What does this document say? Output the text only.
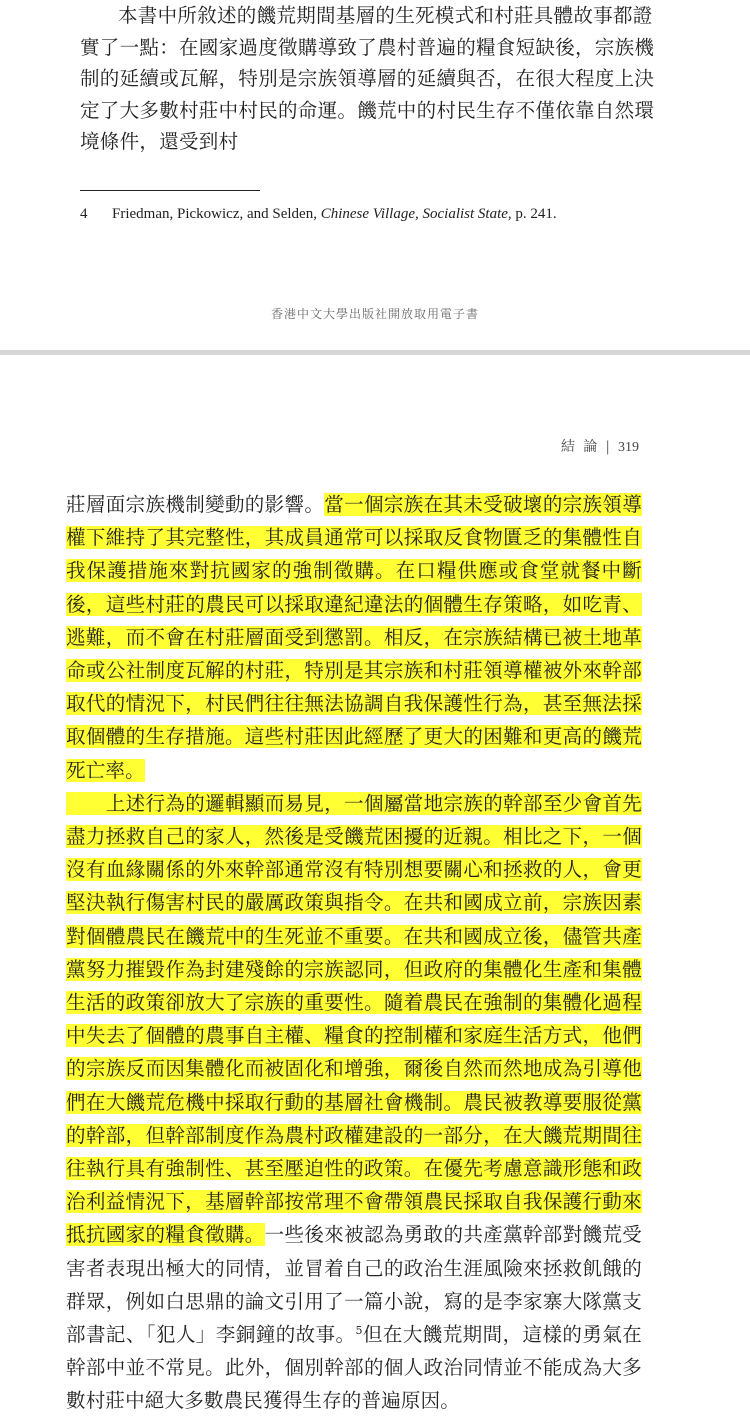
本書中所敘述的饑荒期間基層的生死模式和村莊具體故事都證實了一點：在國家過度徵購導致了農村普遍的糧食短缺後，宗族機制的延續或瓦解，特別是宗族領導層的延續與否，在很大程度上決定了大多數村莊中村民的命運。饑荒中的村民生存不僅依靠自然環境條件，還受到村
4 Friedman, Pickowicz, and Selden, Chinese Village, Socialist State, p. 241.
香港中文大學出版社開放取用電子書
結 論 | 319

莊層面宗族機制變動的影響。當一個宗族在其未受破壞的宗族領導權下維持了其完整性，其成員通常可以採取反食物匱乏的集體性自我保護措施來對抗國家的強制徵購。在口糧供應或食堂就餐中斷後，這些村莊的農民可以採取違紀違法的個體生存策略，如吃青、逃難，而不會在村莊層面受到懲罰。相反，在宗族結構已被土地革命或公社制度瓦解的村莊，特別是其宗族和村莊領導權被外來幹部取代的情況下，村民們往往無法協調自我保護性行為，甚至無法採取個體的生存措施。這些村莊因此經歷了更大的困難和更高的饑荒死亡率。

　　上述行為的邏輯顯而易見，一個屬當地宗族的幹部至少會首先盡力拯救自己的家人，然後是受饑荒困擾的近親。相比之下，一個沒有血緣關係的外來幹部通常沒有特別想要關心和拯救的人，會更堅決執行傷害村民的嚴厲政策與指令。在共和國成立前，宗族因素對個體農民在饑荒中的生死並不重要。在共和國成立後，儘管共產黨努力摧毀作為封建殘餘的宗族認同，但政府的集體化生產和集體生活的政策卻放大了宗族的重要性。隨着農民在強制的集體化過程中失去了個體的農事自主權、糧食的控制權和家庭生活方式，他們的宗族反而因集體化而被固化和增強，爾後自然而然地成為引導他們在大饑荒危機中採取行動的基層社會機制。農民被教導要服從黨的幹部，但幹部制度作為農村政權建設的一部分，在大饑荒期間往往執行具有強制性、甚至壓迫性的政策。在優先考慮意識形態和政治利益情況下，基層幹部按常理不會帶領農民採取自我保護行動來抵抗國家的糧食徵購。一些後來被認為勇敢的共產黨幹部對饑荒受害者表現出極大的同情，並冒着自己的政治生涯風險來拯救飢餓的群眾，例如白思鼎的論文引用了一篇小說，寫的是李家寨大隊黨支部書記、「犯人」李銅鐘的故事。$^5$但在大饑荒期間，這樣的勇氣在幹部中並不常見。此外，個別幹部的個人政治同情並不能成為大多數村莊中絕大多數農民獲得生存的普遍原因。
